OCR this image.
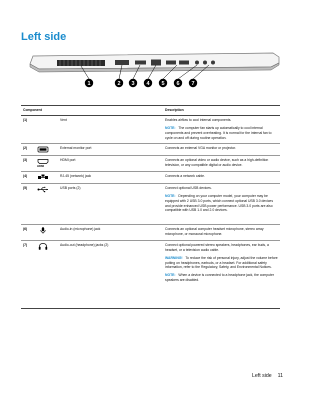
Left side
1	2 3 4 5 6 7
Component			Description
(1)		Vent	Enables airflow to cool internal components.
NOTE: The computer fan starts up automatically to cool internal components and prevent overheating. It is normal for the internal fan to cycle on and off during routine operation.

(2)		External monitor port	Connects an external VGA monitor or projector.
(3)	HDMI	HDMI port	Connects an optional video or audio device, such as a high-definition television, or any compatible digital or audio device.
(4)		RJ-45 (network) jack	Connects a network cable.
(5)		USB ports (2)	Connect optional USB devices.
NOTE: Depending on your computer model, your computer may be equipped with 2 USB 3.0 ports, which connect optional USB 3.0 devices and provide enhanced USB power performance. USB 3.0 ports are also compatible with USB 1.0 and 2.0 devices.

(6)		Audio-in (microphone) jack	Connects an optional computer headset microphone, stereo array microphone, or monaural microphone.
(7)		Audio-out (headphone) jacks (2)	Connect optional powered stereo speakers, headphones, ear buds, a headset, or a television audio cable.
WARNING! To reduce the risk of personal injury, adjust the volume before putting on headphones, earbuds, or a headset. For additional safety information, refer to the Regulatory, Safety, and Environmental Notices.
NOTE: When a device is connected to a headphone jack, the computer speakers are disabled.
Left side 11
